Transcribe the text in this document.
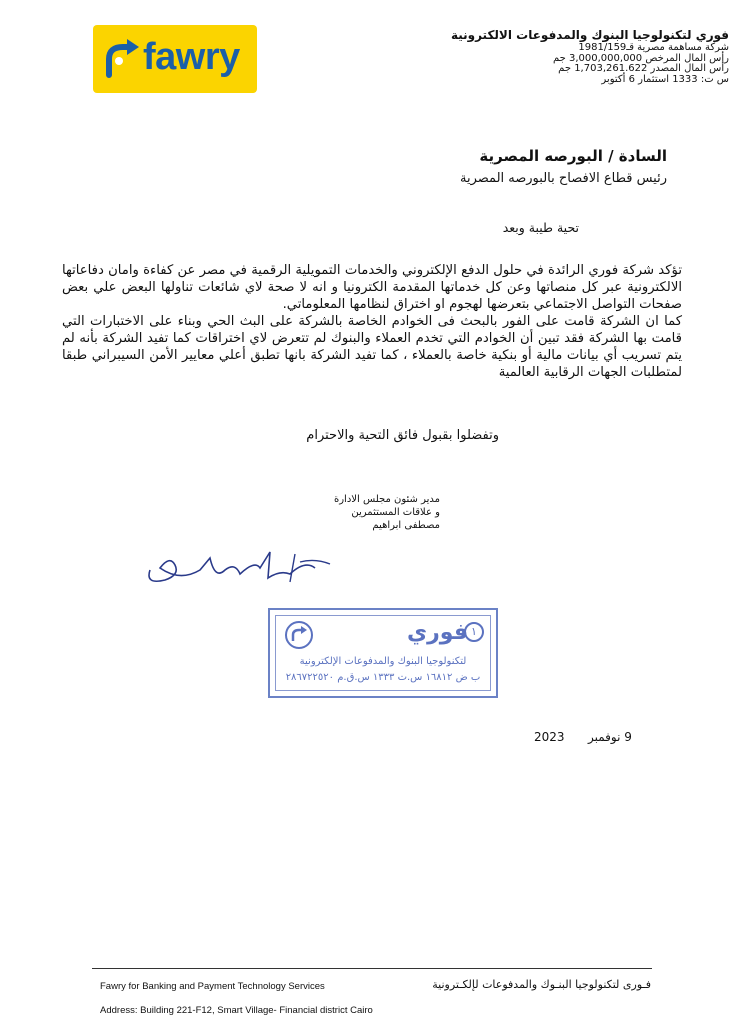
fawry
فوري لتكنولوجيا البنوك والمدفوعات الالكترونية
شركة مساهمة مصرية قـ1981/159
رأس المال المرخص 3,000,000,000 جم
رأس المال المصدر 1,703,261.622 جم
س ت: 1333 استثمار 6 أكتوبر
السادة / البورصه المصرية
رئيس قطاع الافصاح بالبورصه المصرية
تحية طيبة وبعد

تؤكد شركة فوري الرائدة في حلول الدفع الإلكتروني والخدمات التمويلية الرقمية في مصر عن كفاءة وامان دفاعاتها الالكترونية عبر كل منصاتها وعن كل خدماتها المقدمة الكترونيا و انه لا صحة لاي شائعات تناولها البعض علي بعض صفحات التواصل الاجتماعي بتعرضها لهجوم او اختراق لنظامها المعلوماتي.

كما ان الشركة قامت على الفور بالبحث فى الخوادم الخاصة بالشركة على البث الحي وبناء على الاختبارات التي قامت بها الشركة فقد تبين أن الخوادم التي تخدم العملاء والبنوك لم تتعرض لاي اختراقات كما تفيد الشركة بأنه لم يتم تسريب أي بيانات مالية أو بنكية خاصة بالعملاء ، كما تفيد الشركة بانها تطبق أعلي معايير الأمن السيبراني طبقا لمتطلبات الجهات الرقابية العالمية

وتفضلوا بقبول فائق التحية والاحترام
مدير شئون مجلس الادارة
و علاقات المستثمرين
مصطفى ابراهيم
فوري ١
لتكنولوجيا البنوك والمدفوعات الإلكترونية
ب ض ١٦٨١٢ س.ت ١٣٣٣ س.ق.م ٢٨٦٧٢٢٥٢٠
9 نوفمبر
2023
Fawry for Banking and Payment Technology Services	فـورى لتكنولوجيا البنـوك والمدفوعات لإلكـترونية
Address: Building 221-F12, Smart Village- Financial district Cairo
